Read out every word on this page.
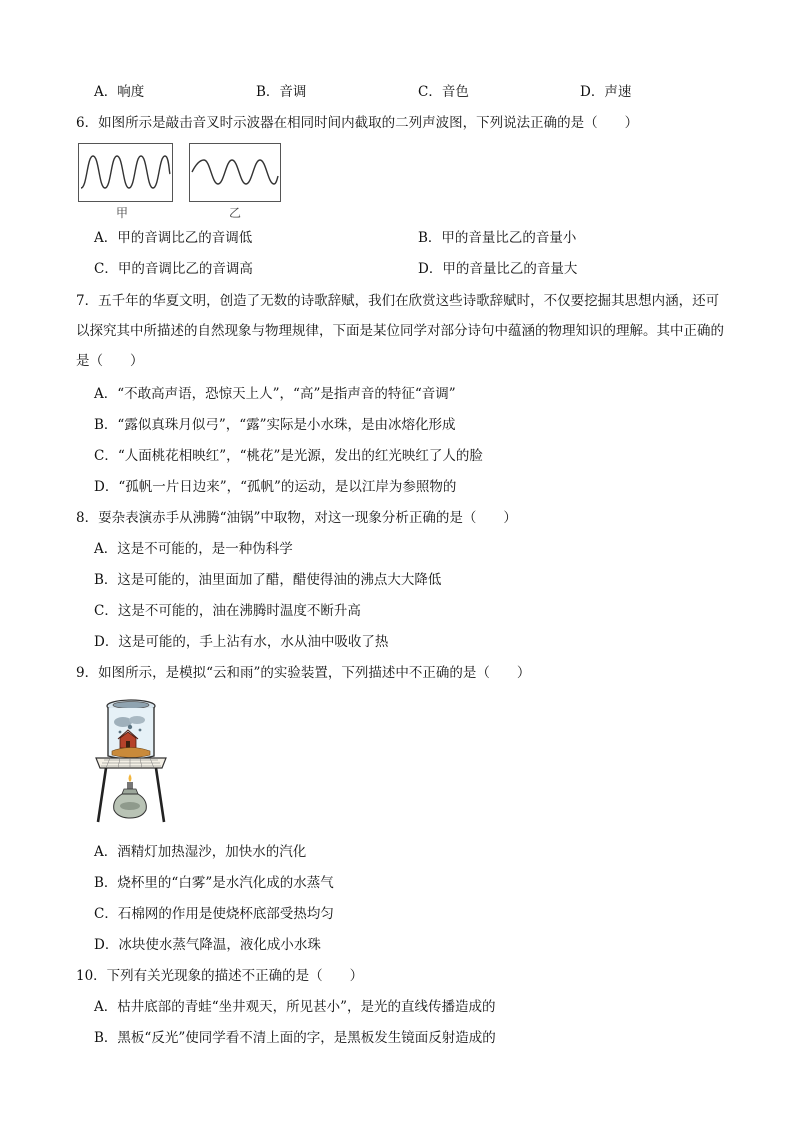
A．响度	B．音调	C．音色	D．声速
6．如图所示是敲击音叉时示波器在相同时间内截取的二列声波图，下列说法正确的是（　　）
甲	乙
A．甲的音调比乙的音调低	B．甲的音量比乙的音量小
C．甲的音调比乙的音调高	D．甲的音量比乙的音量大
7．五千年的华夏文明，创造了无数的诗歌辞赋，我们在欣赏这些诗歌辞赋时，不仅要挖掘其思想内涵，还可以探究其中所描述的自然现象与物理规律，下面是某位同学对部分诗句中蕴涵的物理知识的理解。其中正确的是（　　）
A．“不敢高声语，恐惊天上人”，“高”是指声音的特征“音调”
B．“露似真珠月似弓”，“露”实际是小水珠，是由冰熔化形成
C．“人面桃花相映红”，“桃花”是光源，发出的红光映红了人的脸
D．“孤帆一片日边来”，“孤帆”的运动，是以江岸为参照物的
8．耍杂表演赤手从沸腾“油锅”中取物，对这一现象分析正确的是（　　）
A．这是不可能的，是一种伪科学
B．这是可能的，油里面加了醋，醋使得油的沸点大大降低
C．这是不可能的，油在沸腾时温度不断升高
D．这是可能的，手上沾有水，水从油中吸收了热
9．如图所示，是模拟“云和雨”的实验装置，下列描述中不正确的是（　　）
A．酒精灯加热湿沙，加快水的汽化
B．烧杯里的“白雾”是水汽化成的水蒸气
C．石棉网的作用是使烧杯底部受热均匀
D．冰块使水蒸气降温，液化成小水珠
10．下列有关光现象的描述不正确的是（　　）
A．枯井底部的青蛙“坐井观天，所见甚小”，是光的直线传播造成的
B．黑板“反光”使同学看不清上面的字，是黑板发生镜面反射造成的
